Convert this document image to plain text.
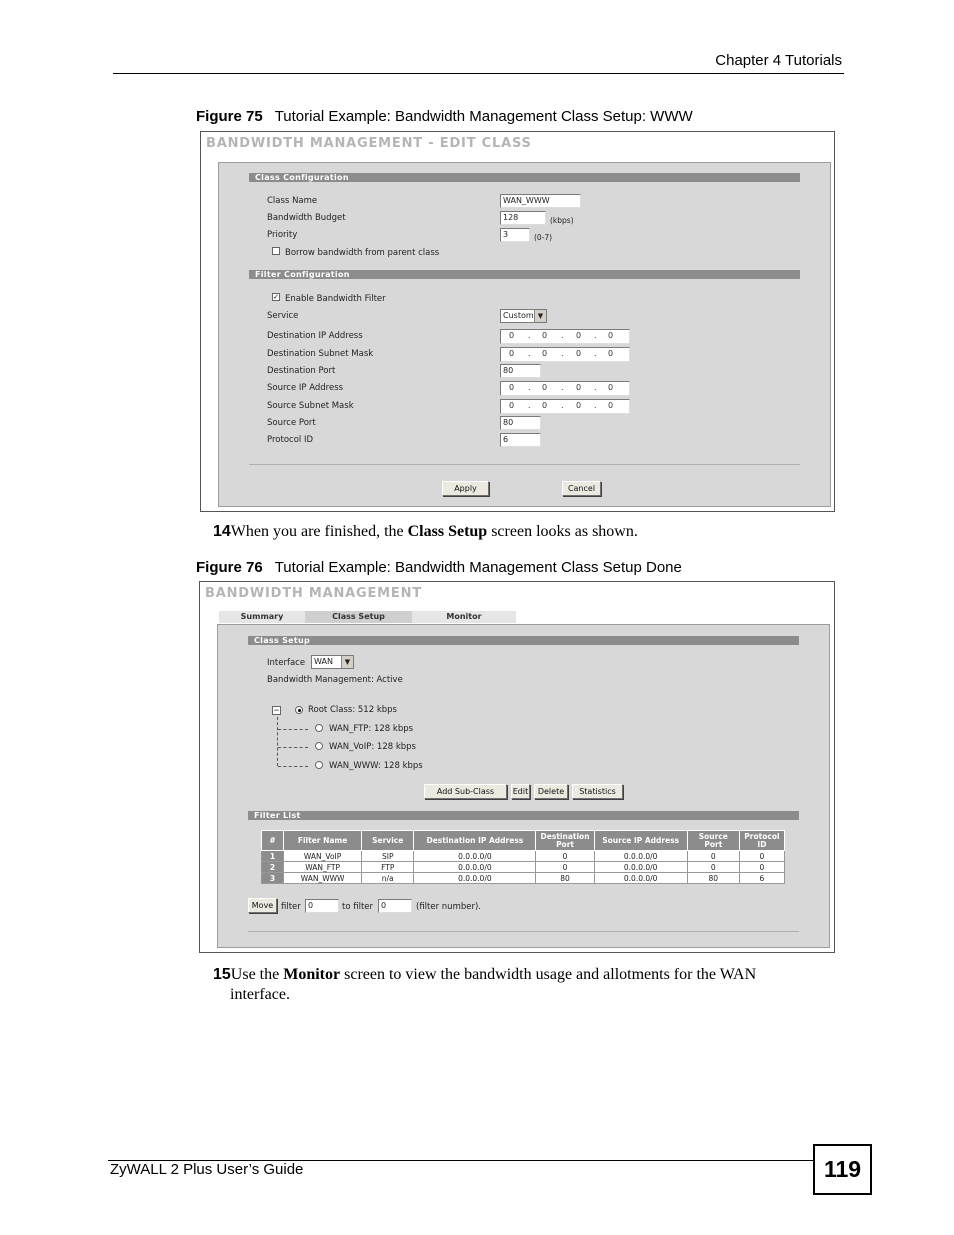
Chapter 4 Tutorials
Figure 75 Tutorial Example: Bandwidth Management Class Setup: WWW
BANDWIDTH MANAGEMENT - EDIT CLASS
Class Configuration
Class Name	WAN_WWW
Bandwidth Budget	128	(kbps)
Priority	3	(0-7)
Borrow bandwidth from parent class
Filter Configuration
✓ Enable Bandwidth Filter
Service	Custom ▼
Destination IP Address	0 . 0 . 0 . 0
Destination Subnet Mask	0 . 0 . 0 . 0
Destination Port	80
Source IP Address	0 . 0 . 0 . 0
Source Subnet Mask	0 . 0 . 0 . 0
Source Port	80
Protocol ID	6
Apply	Cancel
14When you are finished, the Class Setup screen looks as shown.
Figure 76 Tutorial Example: Bandwidth Management Class Setup Done
BANDWIDTH MANAGEMENT
Summary	Class Setup	Monitor
Class Setup
Interface	WAN	▼
Bandwidth Management: Active
−	Root Class: 512 kbps
WAN_FTP: 128 kbps
WAN_VoIP: 128 kbps
WAN_WWW: 128 kbps
Add Sub-Class	Edit	Delete	Statistics
Filter List
#	Filter Name	Service	Destination IP Address	Destination Port	Source IP Address	Source Port	Protocol ID
1	WAN_VoIP	SIP	0.0.0.0/0	0	0.0.0.0/0	0	0
2	WAN_FTP	FTP	0.0.0.0/0	0	0.0.0.0/0	0	0
3	WAN_WWW	n/a	0.0.0.0/0	80	0.0.0.0/0	80	6
Move filter 0	to filter 0	(filter number).
15Use the Monitor screen to view the bandwidth usage and allotments for the WAN
interface.
ZyWALL 2 Plus User’s Guide	119
